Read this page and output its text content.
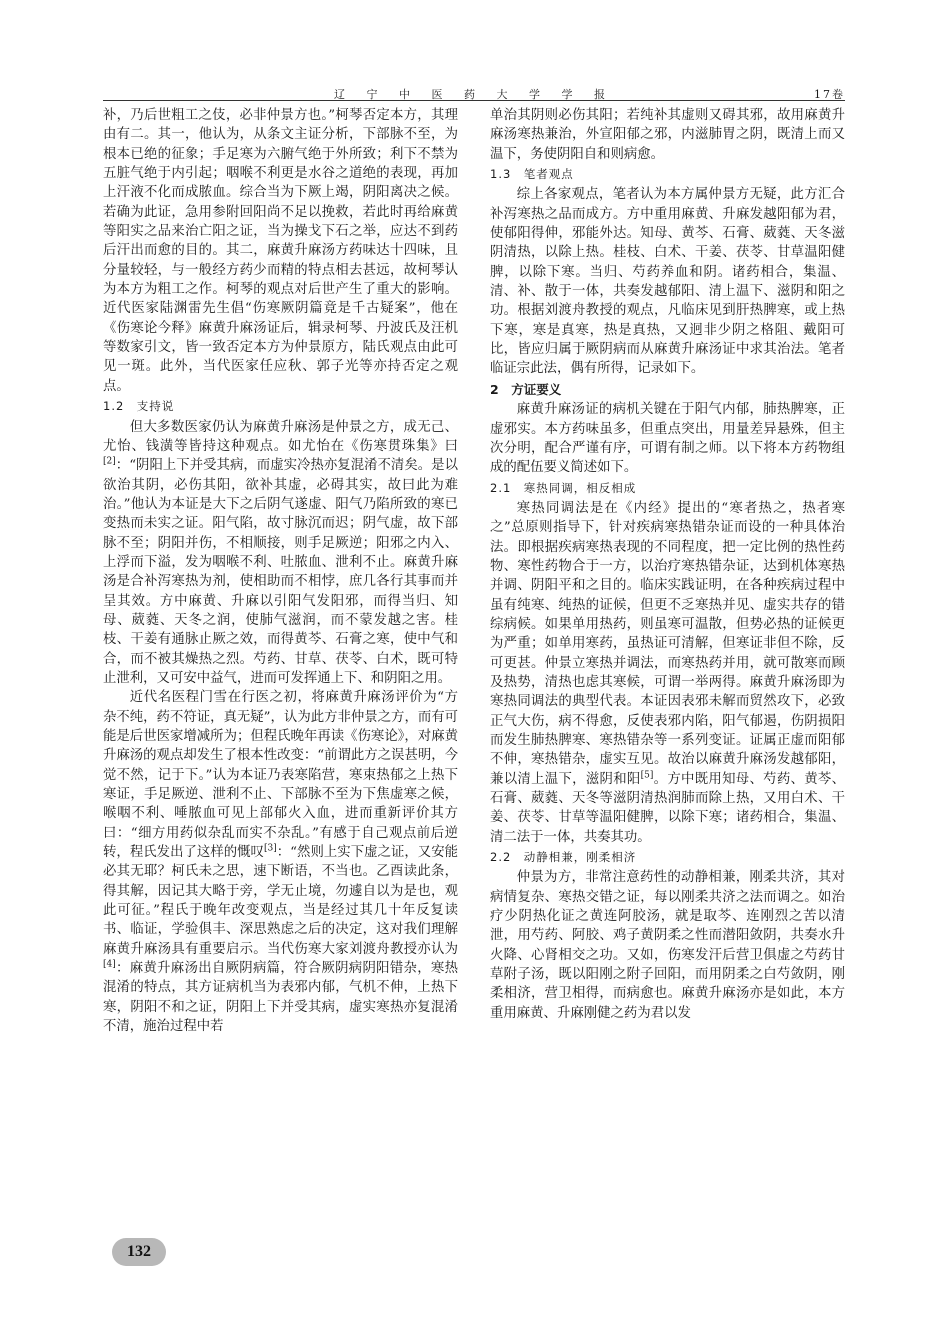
辽 宁 中 医 药 大 学 学 报	17卷

补，乃后世粗工之伎，必非仲景方也。”柯琴否定本方，其理由有二。其一，他认为，从条文主证分析，下部脉不至，为根本已绝的征象；手足寒为六腑气绝于外所致；利下不禁为五脏气绝于内引起；咽喉不利更是水谷之道绝的表现，再加上汗液不化而成脓血。综合当为下厥上竭，阴阳离决之候。若确为此证，急用参附回阳尚不足以挽救，若此时再给麻黄等阳实之品来治亡阳之证，当为操戈下石之举，应达不到药后汗出而愈的目的。其二，麻黄升麻汤方药味达十四味，且分量较轻，与一般经方药少而精的特点相去甚远，故柯琴认为本方为粗工之作。柯琴的观点对后世产生了重大的影响。近代医家陆渊雷先生倡“伤寒厥阴篇竟是千古疑案”，他在《伤寒论今释》麻黄升麻汤证后，辑录柯琴、丹波氏及汪机等数家引文，皆一致否定本方为仲景原方，陆氏观点由此可见一斑。此外，当代医家任应秋、郭子光等亦持否定之观点。

1.2　支持说

但大多数医家仍认为麻黄升麻汤是仲景之方，成无己、尤怡、钱潢等皆持这种观点。如尤怡在《伤寒贯珠集》曰[2]：“阴阳上下并受其病，而虚实冷热亦复混淆不清矣。是以欲治其阴，必伤其阳，欲补其虚，必碍其实，故曰此为难治。”他认为本证是大下之后阴气遂虚、阳气乃陷所致的寒已变热而未实之证。阳气陷，故寸脉沉而迟；阴气虚，故下部脉不至；阴阳并伤，不相顺接，则手足厥逆；阳邪之内入、上浮而下溢，发为咽喉不利、吐脓血、泄利不止。麻黄升麻汤是合补泻寒热为剂，使相助而不相悖，庶几各行其事而并呈其效。方中麻黄、升麻以引阳气发阳邪，而得当归、知母、葳蕤、天冬之润，使肺气滋润，而不蒙发越之害。桂枝、干姜有通脉止厥之效，而得黄芩、石膏之寒，使中气和合，而不被其燥热之烈。芍药、甘草、茯苓、白术，既可特止泄利，又可安中益气，进而可发挥通上下、和阴阳之用。

近代名医程门雪在行医之初，将麻黄升麻汤评价为“方杂不纯，药不符证，真无疑”，认为此方非仲景之方，而有可能是后世医家增减所为；但程氏晚年再读《伤寒论》，对麻黄升麻汤的观点却发生了根本性改变：“前谓此方之误甚明，今觉不然，记于下。”认为本证乃表寒陷营，寒束热郁之上热下寒证，手足厥逆、泄利不止、下部脉不至为下焦虚寒之候，喉咽不利、唾脓血可见上部郁火入血，进而重新评价其方曰：“细方用药似杂乱而实不杂乱。”有感于自己观点前后逆转，程氏发出了这样的慨叹[3]：“然则上实下虚之证，又安能必其无耶？柯氏未之思，速下断语，不当也。乙酉读此条，得其解，因记其大略于旁，学无止境，勿遽自以为是也，观此可征。”程氏于晚年改变观点，当是经过其几十年反复读书、临证，学验俱丰、深思熟虑之后的决定，这对我们理解麻黄升麻汤具有重要启示。当代伤寒大家刘渡舟教授亦认为[4]：麻黄升麻汤出自厥阴病篇，符合厥阴病阴阳错杂，寒热混淆的特点，其方证病机当为表邪内郁，气机不伸，上热下寒，阴阳不和之证，阴阳上下并受其病，虚实寒热亦复混淆不清，施治过程中若

单治其阴则必伤其阳；若纯补其虚则又碍其邪，故用麻黄升麻汤寒热兼治，外宣阳郁之邪，内滋肺胃之阴，既清上而又温下，务使阴阳自和则病愈。

1.3　笔者观点

综上各家观点，笔者认为本方属仲景方无疑，此方汇合补泻寒热之品而成方。方中重用麻黄、升麻发越阳郁为君，使郁阳得伸，邪能外达。知母、黄芩、石膏、葳蕤、天冬滋阴清热，以除上热。桂枝、白术、干姜、茯苓、甘草温阳健脾，以除下寒。当归、芍药养血和阴。诸药相合，集温、清、补、散于一体，共奏发越郁阳、清上温下、滋阴和阳之功。根据刘渡舟教授的观点，凡临床见到肝热脾寒，或上热下寒，寒是真寒，热是真热，又迥非少阴之格阻、戴阳可比，皆应归属于厥阴病而从麻黄升麻汤证中求其治法。笔者临证宗此法，偶有所得，记录如下。

2　方证要义

麻黄升麻汤证的病机关键在于阳气内郁，肺热脾寒，正虚邪实。本方药味虽多，但重点突出，用量差异悬殊，但主次分明，配合严谨有序，可谓有制之师。以下将本方药物组成的配伍要义简述如下。

2.1　寒热同调，相反相成

寒热同调法是在《内经》提出的“寒者热之，热者寒之”总原则指导下，针对疾病寒热错杂证而设的一种具体治法。即根据疾病寒热表现的不同程度，把一定比例的热性药物、寒性药物合于一方，以治疗寒热错杂证，达到机体寒热并调、阴阳平和之目的。临床实践证明，在各种疾病过程中虽有纯寒、纯热的证候，但更不乏寒热并见、虚实共存的错综病候。如果单用热药，则虽寒可温散，但势必热的证候更为严重；如单用寒药，虽热证可清解，但寒证非但不除，反可更甚。仲景立寒热并调法，而寒热药并用，就可散寒而顾及热势，清热也虑其寒候，可谓一举两得。麻黄升麻汤即为寒热同调法的典型代表。本证因表邪未解而贸然攻下，必致正气大伤，病不得愈，反使表邪内陷，阳气郁遏，伤阴损阳而发生肺热脾寒、寒热错杂等一系列变证。证属正虚而阳郁不伸，寒热错杂，虚实互见。故治以麻黄升麻汤发越郁阳，兼以清上温下，滋阴和阳[5]。方中既用知母、芍药、黄芩、石膏、葳蕤、天冬等滋阴清热润肺而除上热，又用白术、干姜、茯苓、甘草等温阳健脾，以除下寒；诸药相合，集温、清二法于一体，共奏其功。

2.2　动静相兼，刚柔相济

仲景为方，非常注意药性的动静相兼，刚柔共济，其对病情复杂、寒热交错之证，每以刚柔共济之法而调之。如治疗少阴热化证之黄连阿胶汤，就是取芩、连刚烈之苦以清泄，用芍药、阿胶、鸡子黄阴柔之性而潜阳敛阴，共奏水升火降、心肾相交之功。又如，伤寒发汗后营卫俱虚之芍药甘草附子汤，既以阳刚之附子回阳，而用阴柔之白芍敛阴，刚柔相济，营卫相得，而病愈也。麻黄升麻汤亦是如此，本方重用麻黄、升麻刚健之药为君以发

132
